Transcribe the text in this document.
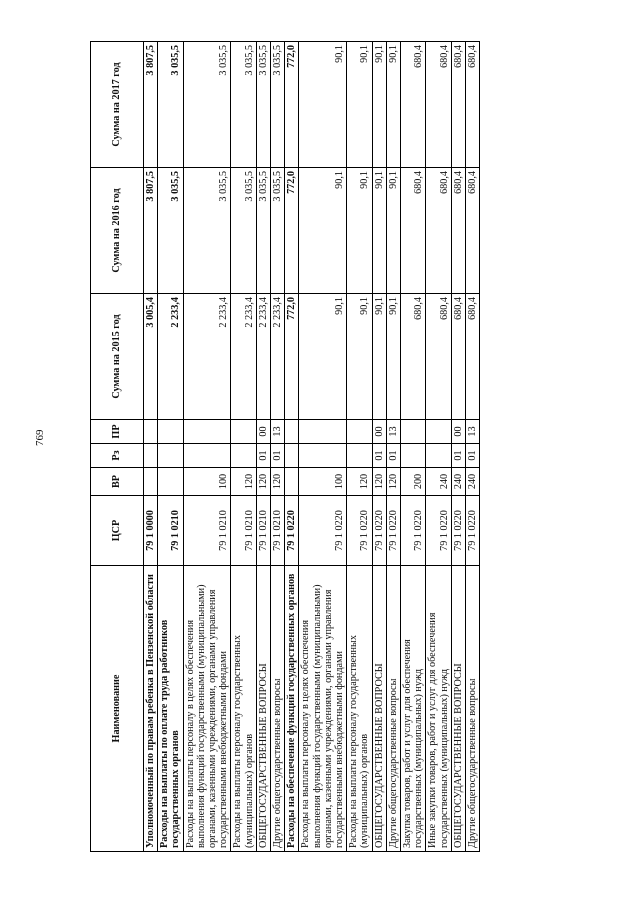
769
Наименование	ЦСР	ВР	Рз	ПР	Сумма на 2015 год	Сумма на 2016 год	Сумма на 2017 год
Уполномоченный по правам ребенка в Пензенской области	79 1 0000				3 005,4	3 807,5	3 807,5
Расходы на выплаты по оплате труда работников государственных органов	79 1 0210				2 233,4	3 035,5	3 035,5
Расходы на выплаты персоналу в целях обеспечения выполнения функций государственными (муниципальными) органами, казенными учреждениями, органами управления государственными внебюджетными фондами	79 1 0210	100			2 233,4	3 035,5	3 035,5
Расходы на выплаты персоналу государственных (муниципальных) органов	79 1 0210	120			2 233,4	3 035,5	3 035,5
ОБЩЕГОСУДАРСТВЕННЫЕ ВОПРОСЫ	79 1 0210	120	01	00	2 233,4	3 035,5	3 035,5
Другие общегосударственные вопросы	79 1 0210	120	01	13	2 233,4	3 035,5	3 035,5
Расходы на обеспечение функций государственных органов	79 1 0220				772,0	772,0	772,0
Расходы на выплаты персоналу в целях обеспечения выполнения функций государственными (муниципальными) органами, казенными учреждениями, органами управления государственными внебюджетными фондами	79 1 0220	100			90,1	90,1	90,1
Расходы на выплаты персоналу государственных (муниципальных) органов	79 1 0220	120			90,1	90,1	90,1
ОБЩЕГОСУДАРСТВЕННЫЕ ВОПРОСЫ	79 1 0220	120	01	00	90,1	90,1	90,1
Другие общегосударственные вопросы	79 1 0220	120	01	13	90,1	90,1	90,1
Закупка товаров, работ и услуг для обеспечения государственных (муниципальных) нужд	79 1 0220	200			680,4	680,4	680,4
Иные закупки товаров, работ и услуг для обеспечения государственных (муниципальных) нужд	79 1 0220	240			680,4	680,4	680,4
ОБЩЕГОСУДАРСТВЕННЫЕ ВОПРОСЫ	79 1 0220	240	01	00	680,4	680,4	680,4
Другие общегосударственные вопросы	79 1 0220	240	01	13	680,4	680,4	680,4
